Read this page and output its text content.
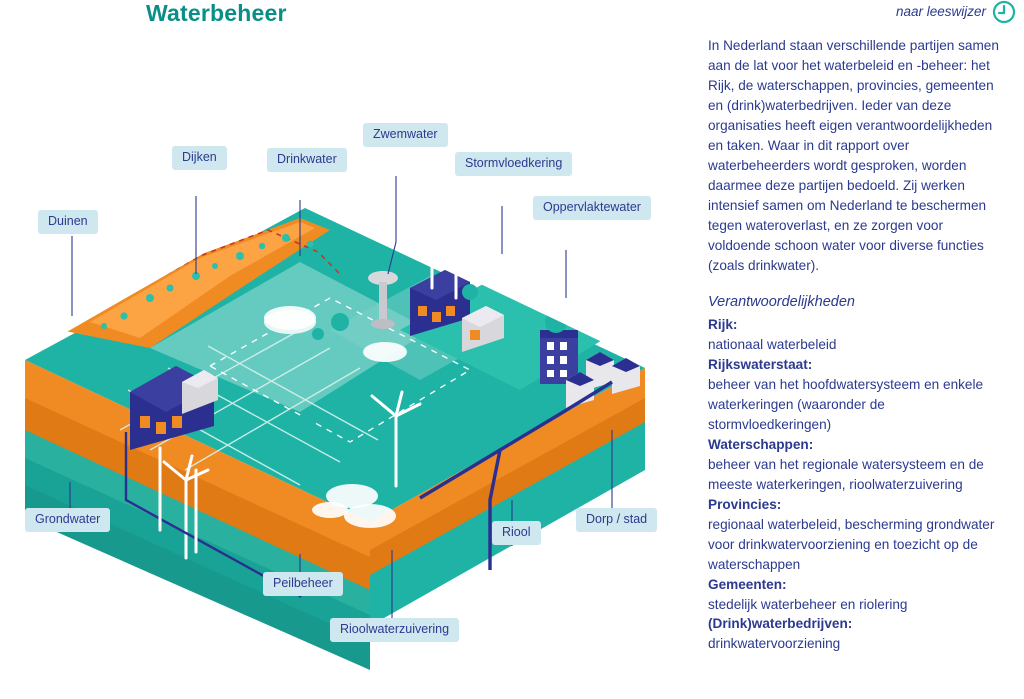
Waterbeheer	naar leeswijzer
Duinen
Dijken	Drinkwater
Zwemwater
Stormvloedkering
Oppervlaktewater
Grondwater
Peilbeheer
Rioolwaterzuivering
Riool
Dorp / stad

In Nederland staan verschillende partijen samen aan de lat voor het waterbeleid en -beheer: het Rijk, de waterschappen, provincies, gemeenten en (drink)waterbedrijven. Ieder van deze organisaties heeft eigen verantwoordelijkheden en taken. Waar in dit rapport over waterbeheerders wordt gesproken, worden daarmee deze partijen bedoeld. Zij werken intensief samen om Nederland te beschermen tegen wateroverlast, en ze zorgen voor voldoende schoon water voor diverse functies (zoals drinkwater).

Verantwoordelijkheden
Rijk:
nationaal waterbeleid
Rijkswaterstaat:
beheer van het hoofdwatersysteem en enkele waterkeringen (waaronder de stormvloedkeringen)
Waterschappen:
beheer van het regionale watersysteem en de meeste waterkeringen, rioolwaterzuivering
Provincies:
regionaal waterbeleid, bescherming grondwater voor drinkwatervoorziening en toezicht op de waterschappen
Gemeenten:
stedelijk waterbeheer en riolering
(Drink)waterbedrijven:
drinkwatervoorziening
